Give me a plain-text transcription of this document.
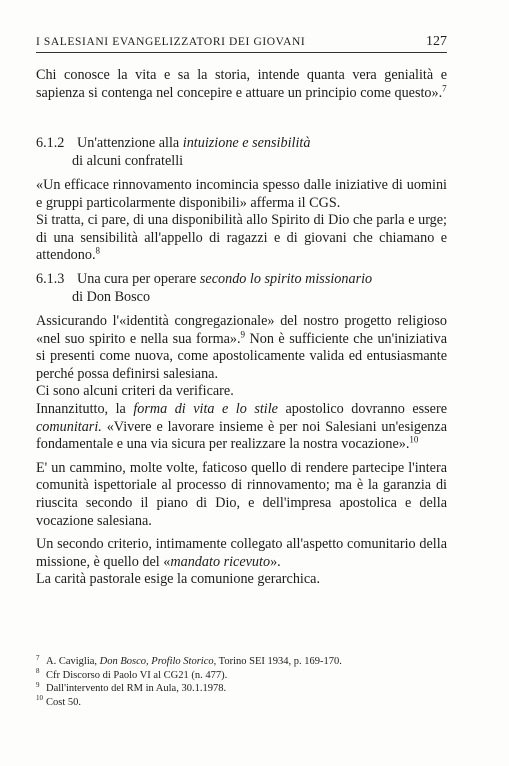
I SALESIANI EVANGELIZZATORI DEI GIOVANI	127

Chi conosce la vita e sa la storia, intende quanta vera genialità e sapienza si contenga nel concepire e attuare un principio come questo».$^7$

6.1.2 Un'attenzione alla intuizione e sensibilità
di alcuni confratelli

«Un efficace rinnovamento incomincia spesso dalle iniziative di uomini e gruppi particolarmente disponibili» afferma il CGS.

Si tratta, ci pare, di una disponibilità allo Spirito di Dio che parla e urge; di una sensibilità all'appello di ragazzi e di giovani che chiamano e attendono.$^8$

6.1.3 Una cura per operare secondo lo spirito missionario
di Don Bosco

Assicurando l'«identità congregazionale» del nostro progetto religioso «nel suo spirito e nella sua forma».$^9$ Non è sufficiente che un'iniziativa si presenti come nuova, come apostolicamente valida ed entusiasmante perché possa definirsi salesiana.

Ci sono alcuni criteri da verificare.

Innanzitutto, la forma di vita e lo stile apostolico dovranno essere comunitari. «Vivere e lavorare insieme è per noi Salesiani un'esigenza fondamentale e una via sicura per realizzare la nostra vocazione».$^{10}$

E' un cammino, molte volte, faticoso quello di rendere partecipe l'intera comunità ispettoriale al processo di rinnovamento; ma è la garanzia di riuscita secondo il piano di Dio, e dell'impresa apostolica e della vocazione salesiana.

Un secondo criterio, intimamente collegato all'aspetto comunitario della missione, è quello del «mandato ricevuto».

La carità pastorale esige la comunione gerarchica.

7 A. Caviglia, Don Bosco, Profilo Storico, Torino SEI 1934, p. 169-170.
8 Cfr Discorso di Paolo VI al CG21 (n. 477).
9 Dall'intervento del RM in Aula, 30.1.1978.
10 Cost 50.
